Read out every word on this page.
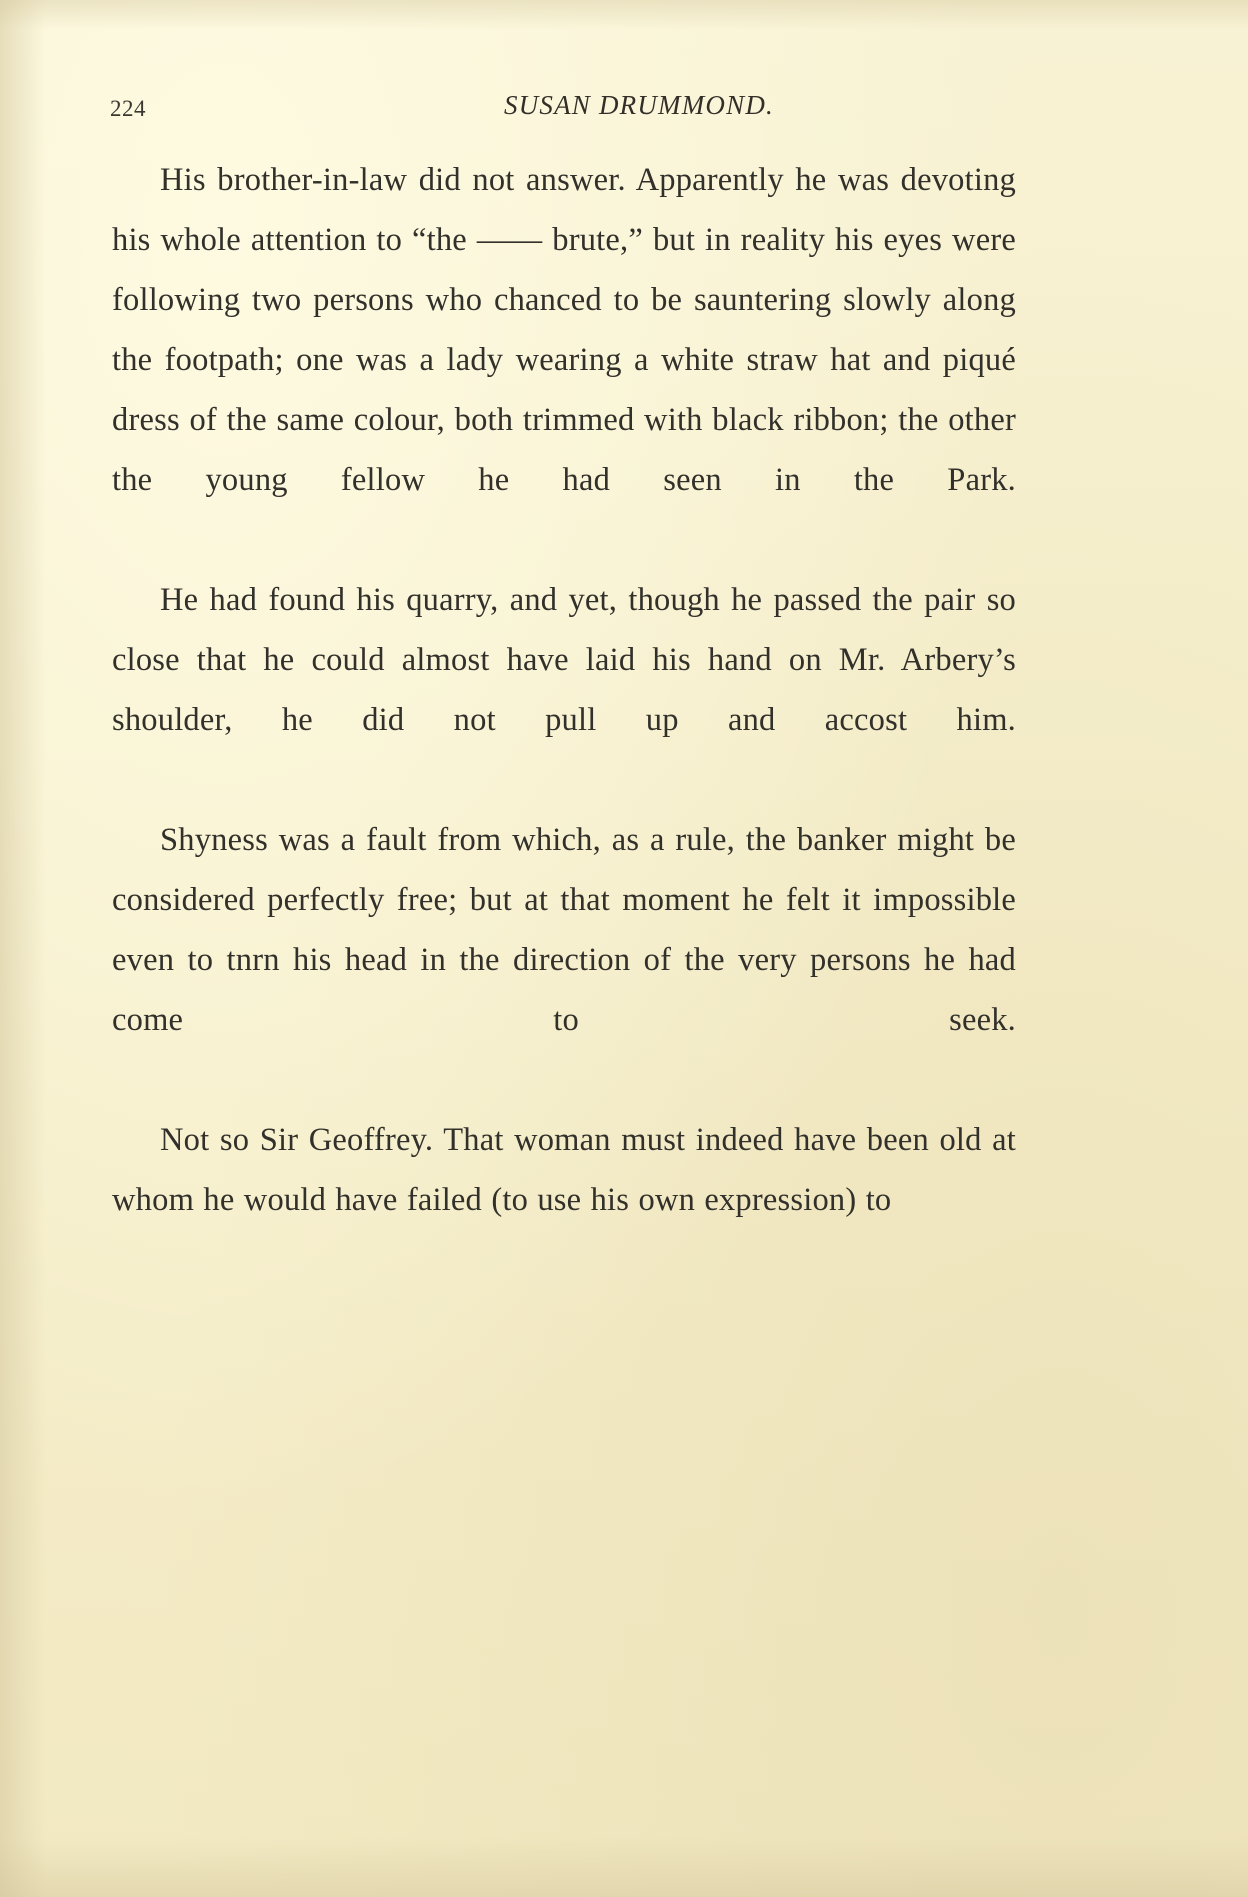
224	SUSAN DRUMMOND.

His brother-in-law did not answer. Apparently he was devoting his whole attention to “the —— brute,” but in reality his eyes were following two persons who chanced to be sauntering slowly along the footpath; one was a lady wearing a white straw hat and piqué dress of the same colour, both trimmed with black ribbon; the other the young fellow he had seen in the Park.

He had found his quarry, and yet, though he passed the pair so close that he could almost have laid his hand on Mr. Arbery’s shoulder, he did not pull up and accost him.

Shyness was a fault from which, as a rule, the banker might be considered perfectly free; but at that moment he felt it impossible even to tnrn his head in the direction of the very persons he had come to seek.

Not so Sir Geoffrey. That woman must indeed have been old at whom he would have failed (to use his own expression) to
